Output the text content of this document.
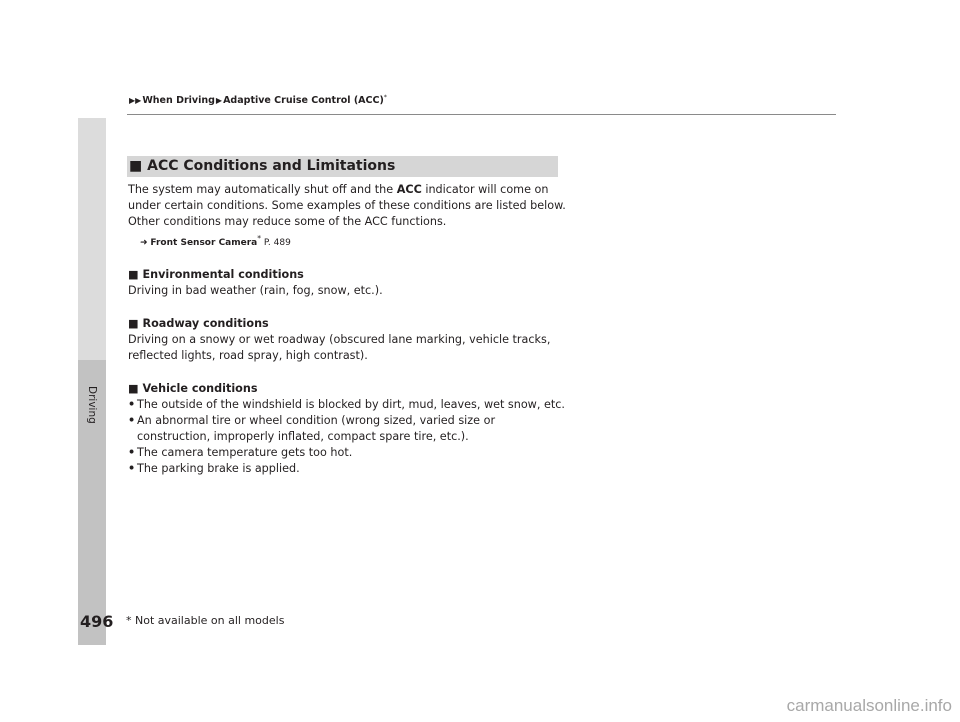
Driving
▶▶When Driving▶Adaptive Cruise Control (ACC)*
■ ACC Conditions and Limitations

The system may automatically shut off and the ACC indicator will come on under certain conditions. Some examples of these conditions are listed below. Other conditions may reduce some of the ACC functions.

➜ Front Sensor Camera* P. 489
■ Environmental conditions

Driving in bad weather (rain, fog, snow, etc.).

■ Roadway conditions

Driving on a snowy or wet roadway (obscured lane marking, vehicle tracks, reflected lights, road spray, high contrast).

■ Vehicle conditions
• The outside of the windshield is blocked by dirt, mud, leaves, wet snow, etc.
• An abnormal tire or wheel condition (wrong sized, varied size or construction, improperly inflated, compact spare tire, etc.).
• The camera temperature gets too hot.
• The parking brake is applied.
496 * Not available on all models
carmanualsonline.info
